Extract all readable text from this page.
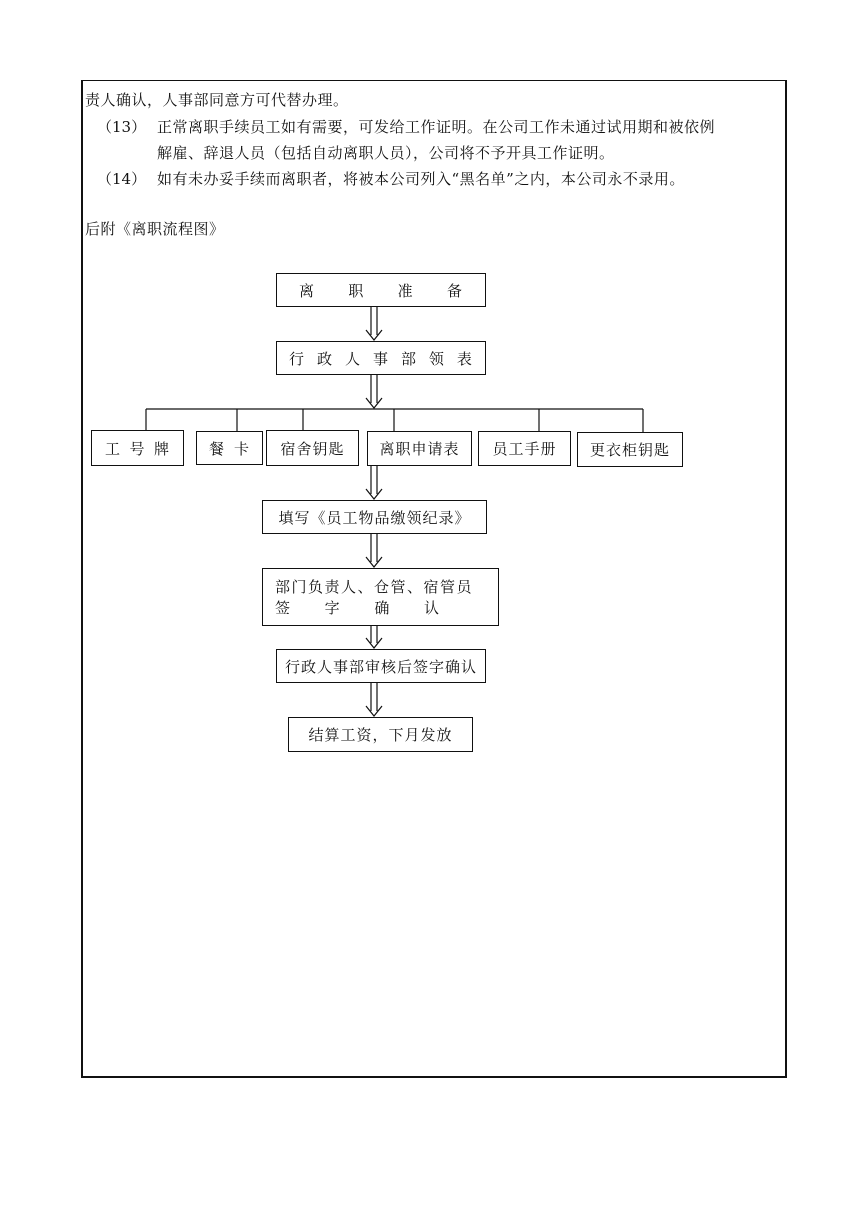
责人确认，人事部同意方可代替办理。
（13） 正常离职手续员工如有需要，可发给工作证明。在公司工作未通过试用期和被依例
解雇、辞退人员（包括自动离职人员），公司将不予开具工作证明。
（14） 如有未办妥手续而离职者，将被本公司列入“黑名单”之内，本公司永不录用。
后附《离职流程图》
离 职 准 备
行 政 人 事 部 领 表
工 号 牌	餐 卡 宿舍钥匙 离职申请表 员工手册 更衣柜钥匙
填写《员工物品缴领纪录》
部门负责人、仓管、宿管员
签 字 确 认
行政人事部审核后签字确认
结算工资，下月发放
